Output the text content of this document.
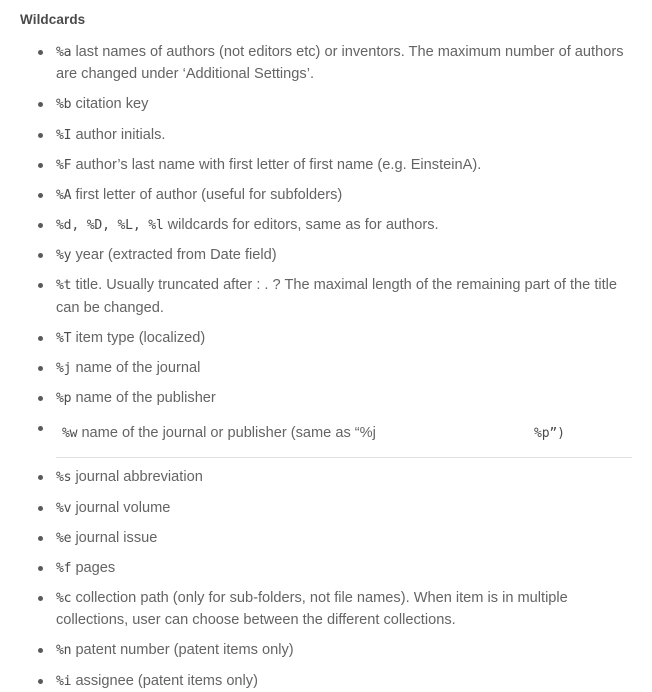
Wildcards
%a last names of authors (not editors etc) or inventors. The maximum number of authors are changed under ‘Additional Settings’.
%b citation key
%I author initials.
%F author’s last name with first letter of first name (e.g. EinsteinA).
%A first letter of author (useful for subfolders)
%d, %D, %L, %l wildcards for editors, same as for authors.
%y year (extracted from Date field)
%t title. Usually truncated after : . ? The maximal length of the remaining part of the title can be changed.
%T item type (localized)
%j name of the journal
%p name of the publisher
%w name of the journal or publisher (same as “%j	%p”)
%s journal abbreviation
%v journal volume
%e journal issue
%f pages
%c collection path (only for sub-folders, not file names). When item is in multiple collections, user can choose between the different collections.
%n patent number (patent items only)
%i assignee (patent items only)
